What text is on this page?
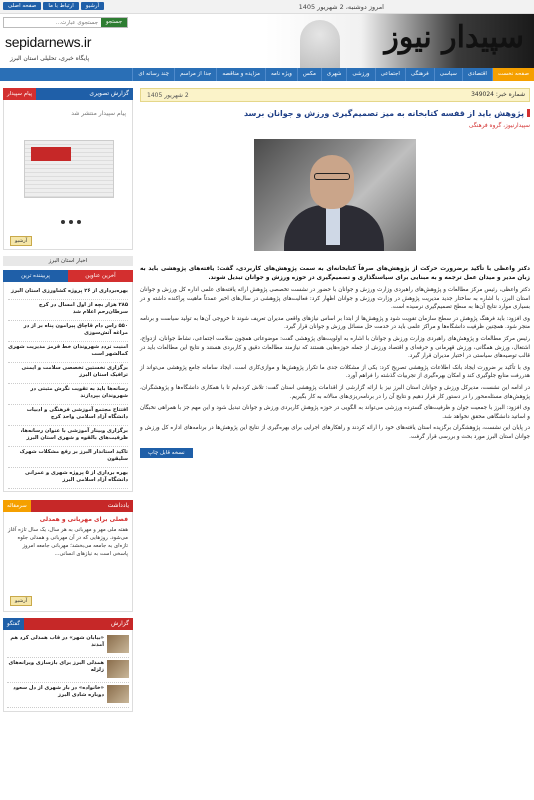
صفحه اصلی	ارتباط با ما	آرشیو	امروز دوشنبه، 2 شهریور 1405
جستجوی عبارت...
جستجو
sepidarnews.ir
پایگاه خبری، تحلیلی استان البرز
سپیدار نیوز
صفحه نخست
اقتصادی
سیاسی
فرهنگی
اجتماعی
ورزشی
شهری
مکس
ویژه نامه
مزایده و مناقصه
جدا از مراسم
چند رسانه ای
گزارش تصویری
پیام سپیدار
پیام سپیدار منتشر شد
آرشیو
اخبار استان البرز
پربیننده ترین	آخرین عناوین
بهره‌برداری از ۲۶ پروژه کشاورزی استان البرز
۲۸۵ هزار بچه از اول امسال در کرج سرطان‌رحم اعلام شد
۵۵۰ راس دام قاچاق پیرامون پناه بر از در مراغه آتش‌سوزی
امنیت تردد شهروندان خط قرمز مدیریت شهری کمالشهر است
برگزاری نخستین تخصصی سلامت و ایمنی ترافیک استان البرز
رسانه‌ها باید به تقویت نگرش مثبتی در شهروندان بپردازند
افتتاح مجتمع آموزشی فرهنگی و ادبیات دانشگاه آزاد اسلامی واحد کرج
برگزاری وبینار آموزشی با عنوان رسانه‌ها، ظرفیت‌های بالقوه و شهری استان البرز
تاکید استاندار البرز بر رفع مشکلات شهرک سلیقون
بهره برداری از ۵ پروژه شهری و عمرانی دانشگاه آزاد اسلامی البرز
یادداشت
سرمقاله
فصلی برای مهربانی و همدلی
هفته ملی مهر و مهربانی به هر سال، یک سال تازه آغاز می‌شود. روزهایی که در آن مهربانی و همدلی جلوه تازه‌ای به جامعه می‌بخشد؛ مهربانی جامعه امروز پاسخی است به نیازهای انسانی...
آرشیو
گزارش
گفتگو
«بیابان شهر» در قاب همدلی کرد هم آمدند
همدلی البرز برای بازسازی ویرانه‌های زلزله
«خانواده» در بار شهری از دل سعود دوباره شادی البرز
شماره خبر: 349024
2 شهریور 1405
پژوهش باید از قفسه کتابخانه به میز تصمیم‌گیری ورزش و جوانان برسد
سپیدارنیوز، گروه فرهنگی
دکتر واعظی با تأکید برضرورت حرکت از پژوهش‌های صرفاً کتابخانه‌ای به سمت پژوهش‌های کاربردی، گفت: یافته‌های پژوهشی باید به زبان مدیر و میدان عمل ترجمه و به مبنایی برای سیاستگذاری و تصمیم‌گیری در حوزه ورزش و جوانان تبدیل شوند.

دکتر واعظی، رئیس مرکز مطالعات و پژوهش‌های راهبردی وزارت ورزش و جوانان با حضور در نشست تخصصی پژوهش ارائه یافته‌های علمی اداره کل ورزش و جوانان استان البرز، با اشاره به ساختار جدید مدیریت پژوهش در وزارت ورزش و جوانان اظهار کرد: فعالیت‌های پژوهشی در سال‌های اخیر عمدتاً ماهیت پراکنده داشته و در بسیاری موارد نتایج آن‌ها به سطح تصمیم‌گیری نرسیده است.

وی افزود: باید فرهنگ پژوهش در سطح سازمان تقویت شود و پژوهش‌ها از ابتدا بر اساس نیازهای واقعی مدیران تعریف شوند تا خروجی آن‌ها به تولید سیاست و برنامه منجر شود. همچنین ظرفیت دانشگاه‌ها و مراکز علمی باید در خدمت حل مسائل ورزش و جوانان قرار گیرد.

رئیس مرکز مطالعات و پژوهش‌های راهبردی وزارت ورزش و جوانان با اشاره به اولویت‌های پژوهشی گفت: موضوعاتی همچون سلامت اجتماعی، نشاط جوانان، ازدواج، اشتغال، ورزش همگانی، ورزش قهرمانی و حرفه‌ای و اقتصاد ورزش از جمله حوزه‌هایی هستند که نیازمند مطالعات دقیق و کاربردی هستند و نتایج این مطالعات باید در قالب توصیه‌های سیاستی در اختیار مدیران قرار گیرد.

وی با تأکید بر ضرورت ایجاد بانک اطلاعات پژوهشی تصریح کرد: یکی از مشکلات جدی ما تکرار پژوهش‌ها و موازی‌کاری است. ایجاد سامانه جامع پژوهشی می‌تواند از هدررفت منابع جلوگیری کند و امکان بهره‌گیری از تجربیات گذشته را فراهم آورد.

در ادامه این نشست، مدیرکل ورزش و جوانان استان البرز نیز با ارائه گزارشی از اقدامات پژوهشی استان گفت: تلاش کرده‌ایم تا با همکاری دانشگاه‌ها و پژوهشگران، پژوهش‌های مسئله‌محور را در دستور کار قرار دهیم و نتایج آن را در برنامه‌ریزی‌های سالانه به کار بگیریم.

وی افزود: البرز با جمعیت جوان و ظرفیت‌های گسترده ورزشی می‌تواند به الگویی در حوزه پژوهش کاربردی ورزش و جوانان تبدیل شود و این مهم جز با همراهی نخبگان و اساتید دانشگاهی محقق نخواهد شد.

در پایان این نشست، پژوهشگران برگزیده استان یافته‌های خود را ارائه کردند و راهکارهای اجرایی برای بهره‌گیری از نتایج این پژوهش‌ها در برنامه‌های اداره کل ورزش و جوانان استان البرز مورد بحث و بررسی قرار گرفت.

نسخه قابل چاپ
